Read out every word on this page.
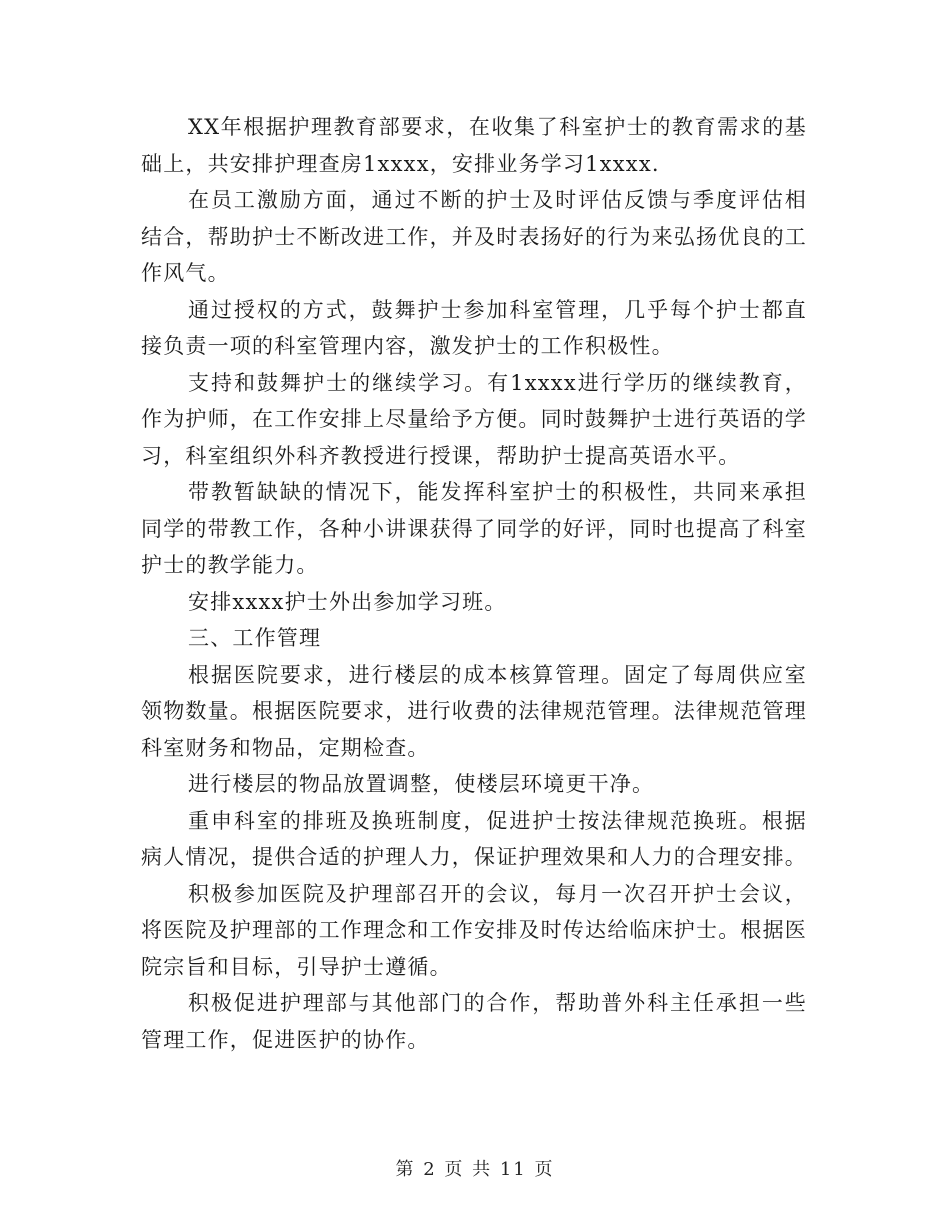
XX年根据护理教育部要求，在收集了科室护士的教育需求的基础上，共安排护理查房1xxxx，安排业务学习1xxxx.

在员工激励方面，通过不断的护士及时评估反馈与季度评估相结合，帮助护士不断改进工作，并及时表扬好的行为来弘扬优良的工作风气。

通过授权的方式，鼓舞护士参加科室管理，几乎每个护士都直接负责一项的科室管理内容，激发护士的工作积极性。

支持和鼓舞护士的继续学习。有1xxxx进行学历的继续教育，作为护师，在工作安排上尽量给予方便。同时鼓舞护士进行英语的学习，科室组织外科齐教授进行授课，帮助护士提高英语水平。

带教暂缺缺的情况下，能发挥科室护士的积极性，共同来承担同学的带教工作，各种小讲课获得了同学的好评，同时也提高了科室护士的教学能力。

安排xxxx护士外出参加学习班。

三、工作管理

根据医院要求，进行楼层的成本核算管理。固定了每周供应室领物数量。根据医院要求，进行收费的法律规范管理。法律规范管理科室财务和物品，定期检查。

进行楼层的物品放置调整，使楼层环境更干净。

重申科室的排班及换班制度，促进护士按法律规范换班。根据病人情况，提供合适的护理人力，保证护理效果和人力的合理安排。

积极参加医院及护理部召开的会议，每月一次召开护士会议，将医院及护理部的工作理念和工作安排及时传达给临床护士。根据医院宗旨和目标，引导护士遵循。

积极促进护理部与其他部门的合作，帮助普外科主任承担一些管理工作，促进医护的协作。

第 2 页 共 11 页
